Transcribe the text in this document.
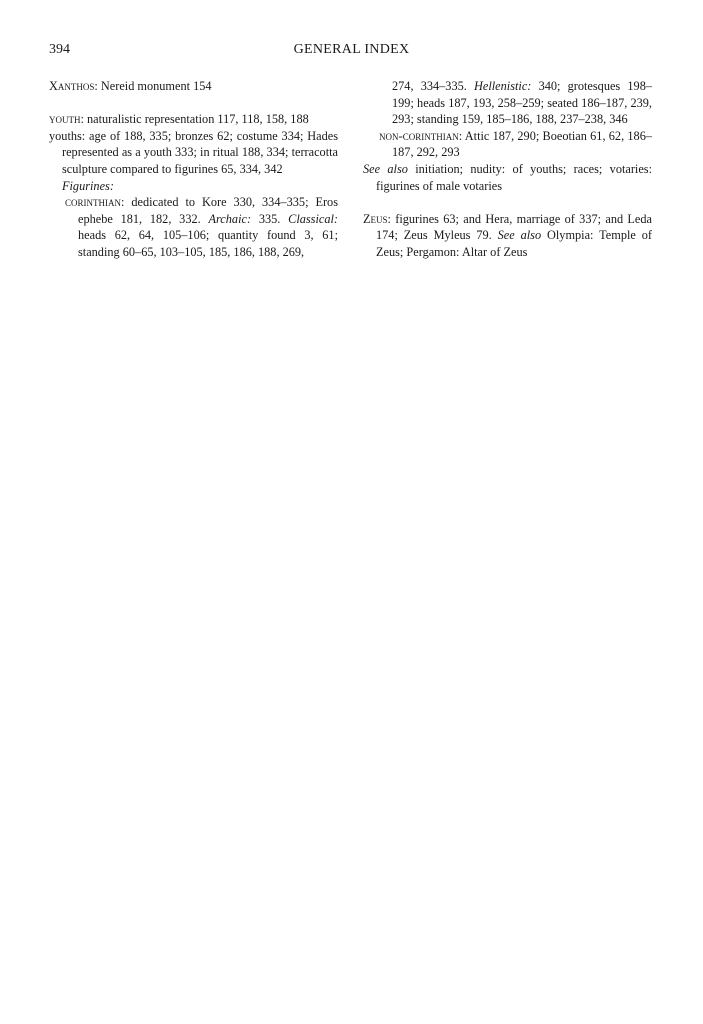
394	GENERAL INDEX

Xanthos: Nereid monument 154

youth: naturalistic representation 117, 118, 158, 188

youths: age of 188, 335; bronzes 62; costume 334; Hades represented as a youth 333; in ritual 188, 334; terracotta sculpture compared to figurines 65, 334, 342

Figurines:

corinthian: dedicated to Kore 330, 334–335; Eros ephebe 181, 182, 332. Archaic: 335. Classical: heads 62, 64, 105–106; quantity found 3, 61; standing 60–65, 103–105, 185, 186, 188, 269,

274, 334–335. Hellenistic: 340; grotesques 198–199; heads 187, 193, 258–259; seated 186–187, 239, 293; standing 159, 185–186, 188, 237–238, 346

non-corinthian: Attic 187, 290; Boeotian 61, 62, 186–187, 292, 293

See also initiation; nudity: of youths; races; votaries: figurines of male votaries

Zeus: figurines 63; and Hera, marriage of 337; and Leda 174; Zeus Myleus 79. See also Olympia: Temple of Zeus; Pergamon: Altar of Zeus
